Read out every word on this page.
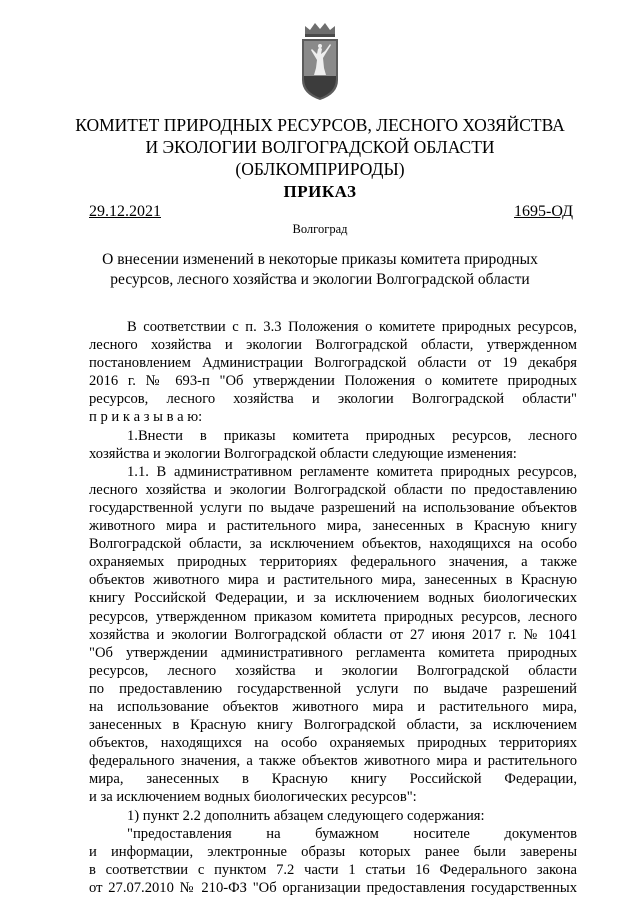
КОМИТЕТ ПРИРОДНЫХ РЕСУРСОВ, ЛЕСНОГО ХОЗЯЙСТВА
И ЭКОЛОГИИ ВОЛГОГРАДСКОЙ ОБЛАСТИ
(ОБЛКОМПРИРОДЫ)
ПРИКАЗ
29.12.2021	1695-ОД
Волгоград
О внесении изменений в некоторые приказы комитета природных
ресурсов, лесного хозяйства и экологии Волгоградской области
В соответствии с п. 3.3 Положения о комитете природных ресурсов,
лесного хозяйства и экологии Волгоградской области, утвержденном
постановлением Администрации Волгоградской области от 19 декабря
2016 г. № 693-п "Об утверждении Положения о комитете природных
ресурсов, лесного хозяйства и экологии Волгоградской области"
п р и к а з ы в а ю:
1.Внести в приказы комитета природных ресурсов, лесного
хозяйства и экологии Волгоградской области следующие изменения:
1.1. В административном регламенте комитета природных ресурсов,
лесного хозяйства и экологии Волгоградской области по предоставлению
государственной услуги по выдаче разрешений на использование объектов
животного мира и растительного мира, занесенных в Красную книгу
Волгоградской области, за исключением объектов, находящихся на особо
охраняемых природных территориях федерального значения, а также
объектов животного мира и растительного мира, занесенных в Красную
книгу Российской Федерации, и за исключением водных биологических
ресурсов, утвержденном приказом комитета природных ресурсов, лесного
хозяйства и экологии Волгоградской области от 27 июня 2017 г. № 1041
"Об утверждении административного регламента комитета природных
ресурсов, лесного хозяйства и экологии Волгоградской области
по предоставлению государственной услуги по выдаче разрешений
на использование объектов животного мира и растительного мира,
занесенных в Красную книгу Волгоградской области, за исключением
объектов, находящихся на особо охраняемых природных территориях
федерального значения, а также объектов животного мира и растительного
мира, занесенных в Красную книгу Российской Федерации,
и за исключением водных биологических ресурсов":
1) пункт 2.2 дополнить абзацем следующего содержания:
"предоставления на бумажном носителе документов
и информации, электронные образы которых ранее были заверены
в соответствии с пунктом 7.2 части 1 статьи 16 Федерального закона
от 27.07.2010 № 210-ФЗ "Об организации предоставления государственных
